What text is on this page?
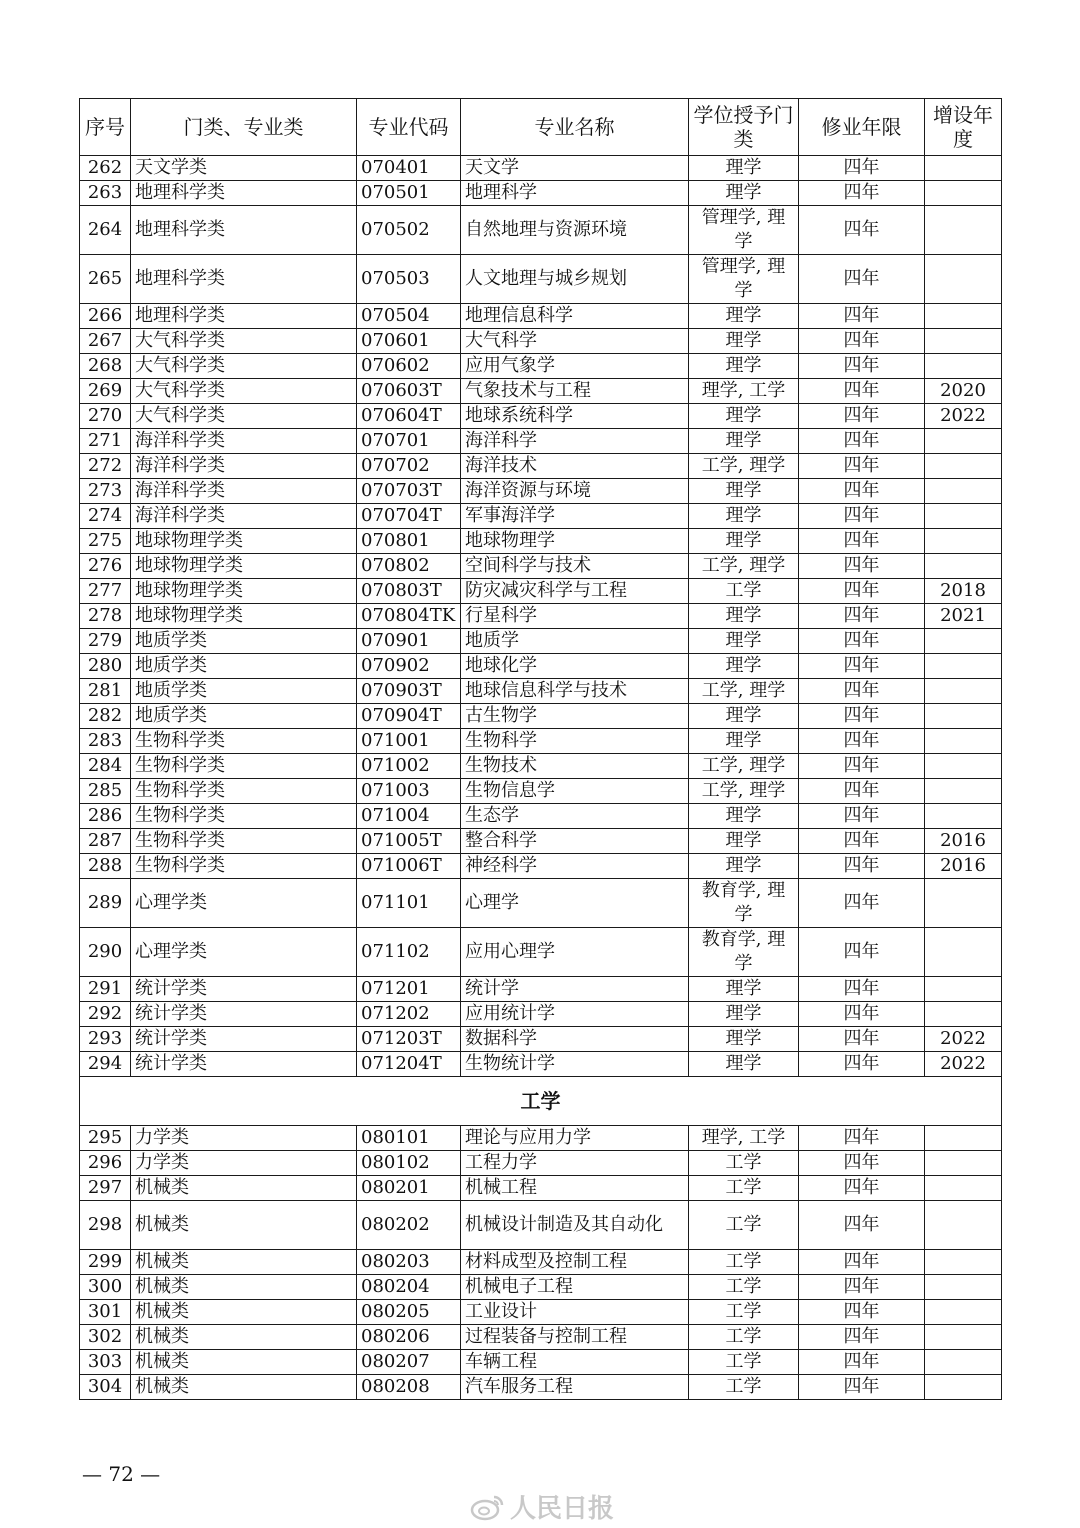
序号	门类、专业类	专业代码	专业名称	学位授予门类	修业年限	增设年度
262	天文学类	070401	天文学	理学	四年	
263	地理科学类	070501	地理科学	理学	四年	
264	地理科学类	070502	自然地理与资源环境	管理学, 理学	四年	
265	地理科学类	070503	人文地理与城乡规划	管理学, 理学	四年	
266	地理科学类	070504	地理信息科学	理学	四年	
267	大气科学类	070601	大气科学	理学	四年	
268	大气科学类	070602	应用气象学	理学	四年	
269	大气科学类	070603T	气象技术与工程	理学, 工学	四年	2020
270	大气科学类	070604T	地球系统科学	理学	四年	2022
271	海洋科学类	070701	海洋科学	理学	四年	
272	海洋科学类	070702	海洋技术	工学, 理学	四年	
273	海洋科学类	070703T	海洋资源与环境	理学	四年	
274	海洋科学类	070704T	军事海洋学	理学	四年	
275	地球物理学类	070801	地球物理学	理学	四年	
276	地球物理学类	070802	空间科学与技术	工学, 理学	四年	
277	地球物理学类	070803T	防灾减灾科学与工程	工学	四年	2018
278	地球物理学类	070804TK	行星科学	理学	四年	2021
279	地质学类	070901	地质学	理学	四年	
280	地质学类	070902	地球化学	理学	四年	
281	地质学类	070903T	地球信息科学与技术	工学, 理学	四年	
282	地质学类	070904T	古生物学	理学	四年	
283	生物科学类	071001	生物科学	理学	四年	
284	生物科学类	071002	生物技术	工学, 理学	四年	
285	生物科学类	071003	生物信息学	工学, 理学	四年	
286	生物科学类	071004	生态学	理学	四年	
287	生物科学类	071005T	整合科学	理学	四年	2016
288	生物科学类	071006T	神经科学	理学	四年	2016
289	心理学类	071101	心理学	教育学, 理学	四年	
290	心理学类	071102	应用心理学	教育学, 理学	四年	
291	统计学类	071201	统计学	理学	四年	
292	统计学类	071202	应用统计学	理学	四年	
293	统计学类	071203T	数据科学	理学	四年	2022
294	统计学类	071204T	生物统计学	理学	四年	2022
工学						
295	力学类	080101	理论与应用力学	理学, 工学	四年	
296	力学类	080102	工程力学	工学	四年	
297	机械类	080201	机械工程	工学	四年	
298	机械类	080202	机械设计制造及其自动化	工学	四年	
299	机械类	080203	材料成型及控制工程	工学	四年	
300	机械类	080204	机械电子工程	工学	四年	
301	机械类	080205	工业设计	工学	四年	
302	机械类	080206	过程装备与控制工程	工学	四年	
303	机械类	080207	车辆工程	工学	四年	
304	机械类	080208	汽车服务工程	工学	四年	
— 72 —
人民日报
